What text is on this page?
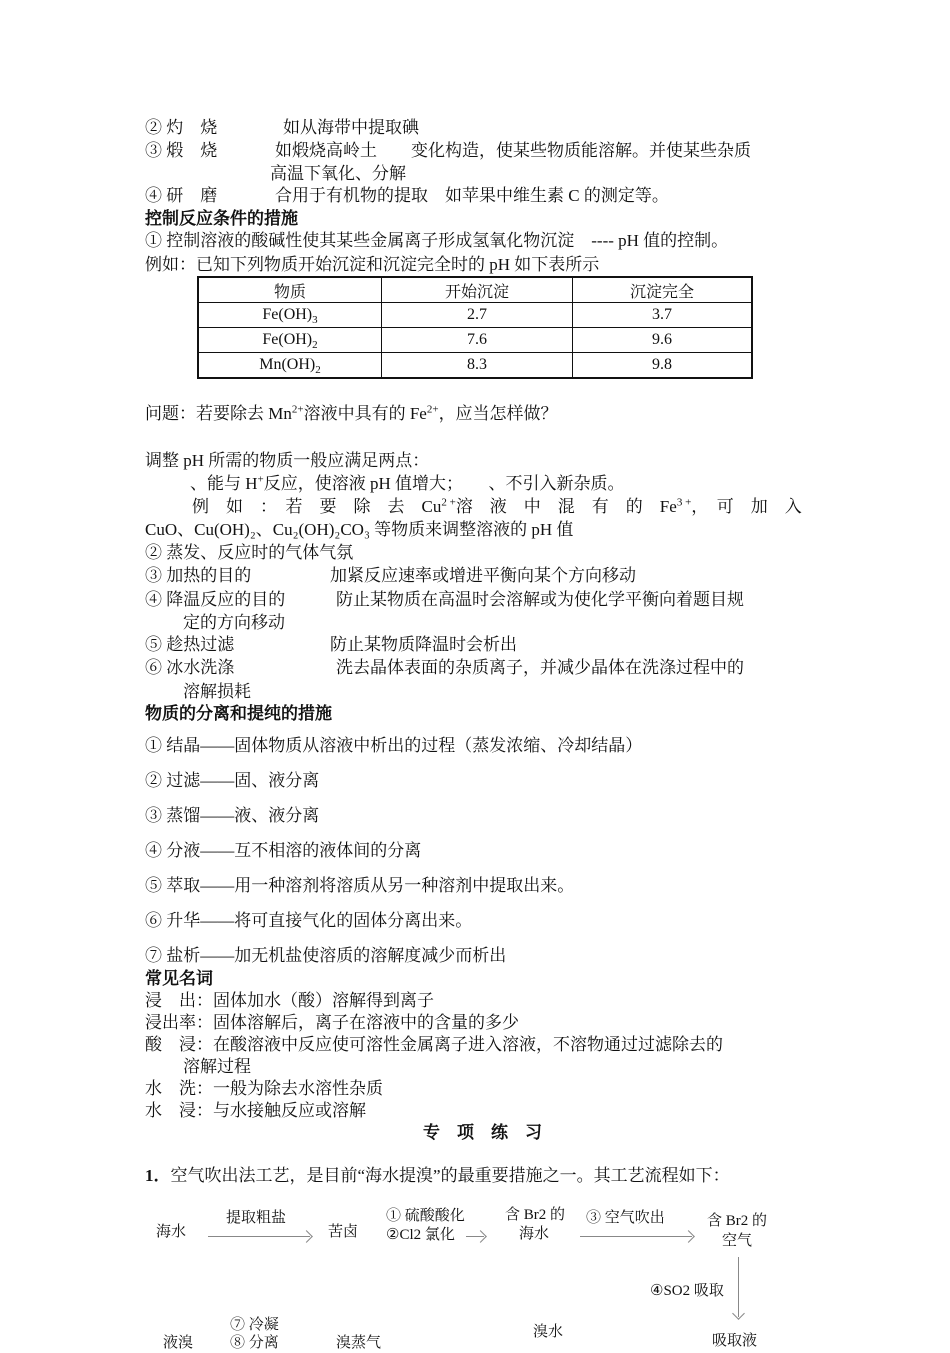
② 灼　烧	如从海带中提取碘
③ 煅　烧	如煅烧高岭土　　变化构造，使某些物质能溶解。并使某些杂质
高温下氧化、分解
④ 研　磨	合用于有机物的提取　如苹果中维生素 C 的测定等。
控制反应条件的措施
① 控制溶液的酸碱性使其某些金属离子形成氢氧化物沉淀　---- pH 值的控制。
例如：已知下列物质开始沉淀和沉淀完全时的 pH 如下表所示
物质	开始沉淀	沉淀完全
$Fe(OH)_3$	2.7	3.7
$Fe(OH)_2$	7.6	9.6
$Mn(OH)_2$	8.3	9.8
问题：若要除去 $Mn^{2+}$溶液中具有的 $Fe^{2+}$，应当怎样做？
调整 pH 所需的物质一般应满足两点：
、能与 H+反应，使溶液 pH 值增大；　　、不引入新杂质。
例　如　：　若　要　除　去　$Cu^{2 +}$溶　液　中　混　有　的　$Fe^{3 +}$，　可　加　入
CuO、Cu(OH)₂、Cu₂(OH)₂CO₃ 等物质来调整溶液的 pH 值
② 蒸发、反应时的气体气氛
③ 加热的目的	加紧反应速率或增进平衡向某个方向移动
④ 降温反应的目的	防止某物质在高温时会溶解或为使化学平衡向着题目规
定的方向移动
⑤ 趁热过滤	防止某物质降温时会析出
⑥ 冰水洗涤	洗去晶体表面的杂质离子，并减少晶体在洗涤过程中的
溶解损耗
物质的分离和提纯的措施
① 结晶——固体物质从溶液中析出的过程（蒸发浓缩、冷却结晶）
② 过滤——固、液分离
③ 蒸馏——液、液分离
④ 分液——互不相溶的液体间的分离
⑤ 萃取——用一种溶剂将溶质从另一种溶剂中提取出来。
⑥ 升华——将可直接气化的固体分离出来。
⑦ 盐析——加无机盐使溶质的溶解度减少而析出
常见名词
浸　出：固体加水（酸）溶解得到离子
浸出率：固体溶解后，离子在溶液中的含量的多少
酸　浸：在酸溶液中反应使可溶性金属离子进入溶液，不溶物通过过滤除去的
溶解过程
水　洗：一般为除去水溶性杂质
水　浸：与水接触反应或溶解
专　项　练　习
1．空气吹出法工艺，是目前“海水提溴”的最重要措施之一。其工艺流程如下：
海水
提取粗盐
苦卤
① 硫酸酸化
②Cl2 氯化
含 Br2 的
海水
③ 空气吹出	含 Br2 的
空气
④SO2 吸取
⑦ 冷凝
⑧ 分离
液溴	溴蒸气
溴水
吸取液
